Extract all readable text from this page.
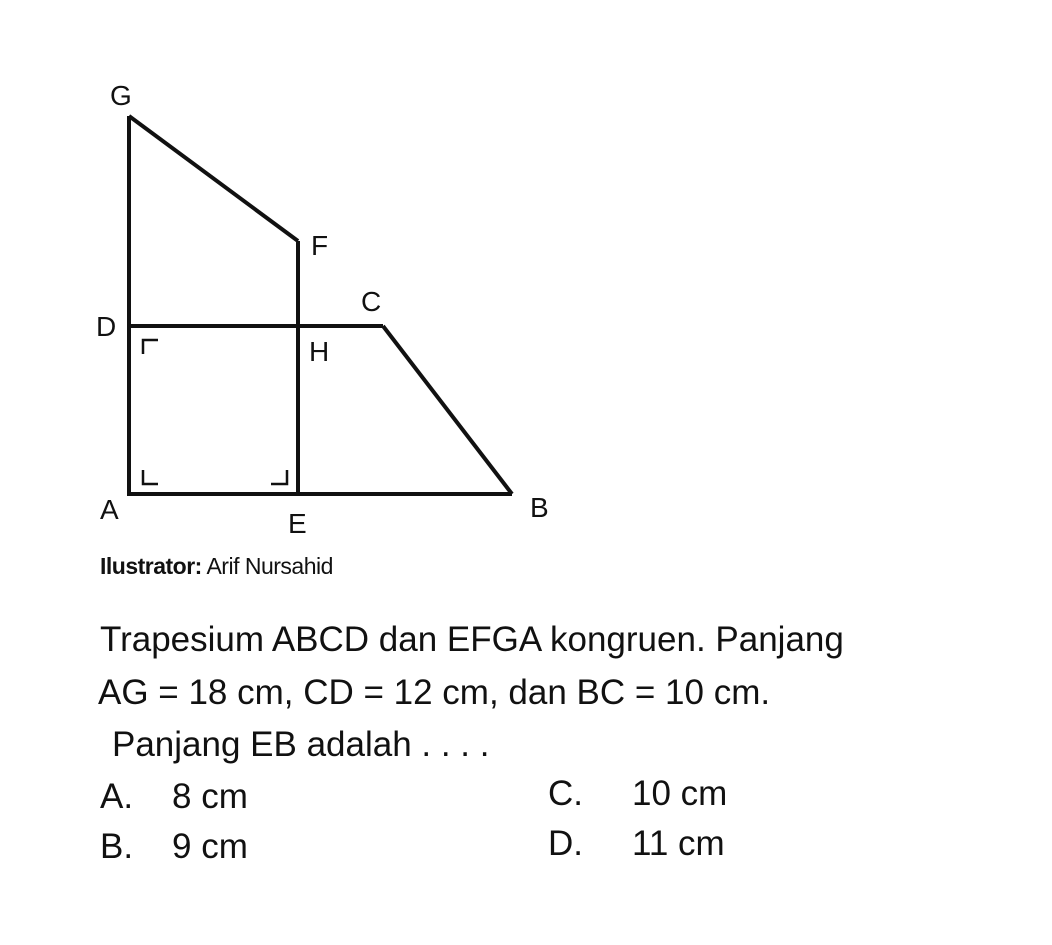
G
F
C
D
H
A	E
B
Ilustrator: Arif Nursahid
Trapesium ABCD dan EFGA kongruen. Panjang
AG = 18 cm, CD = 12 cm, dan BC = 10 cm.
Panjang EB adalah . . . .
A. 8 cm
B. 9 cm
C. 10 cm
D. 11 cm
